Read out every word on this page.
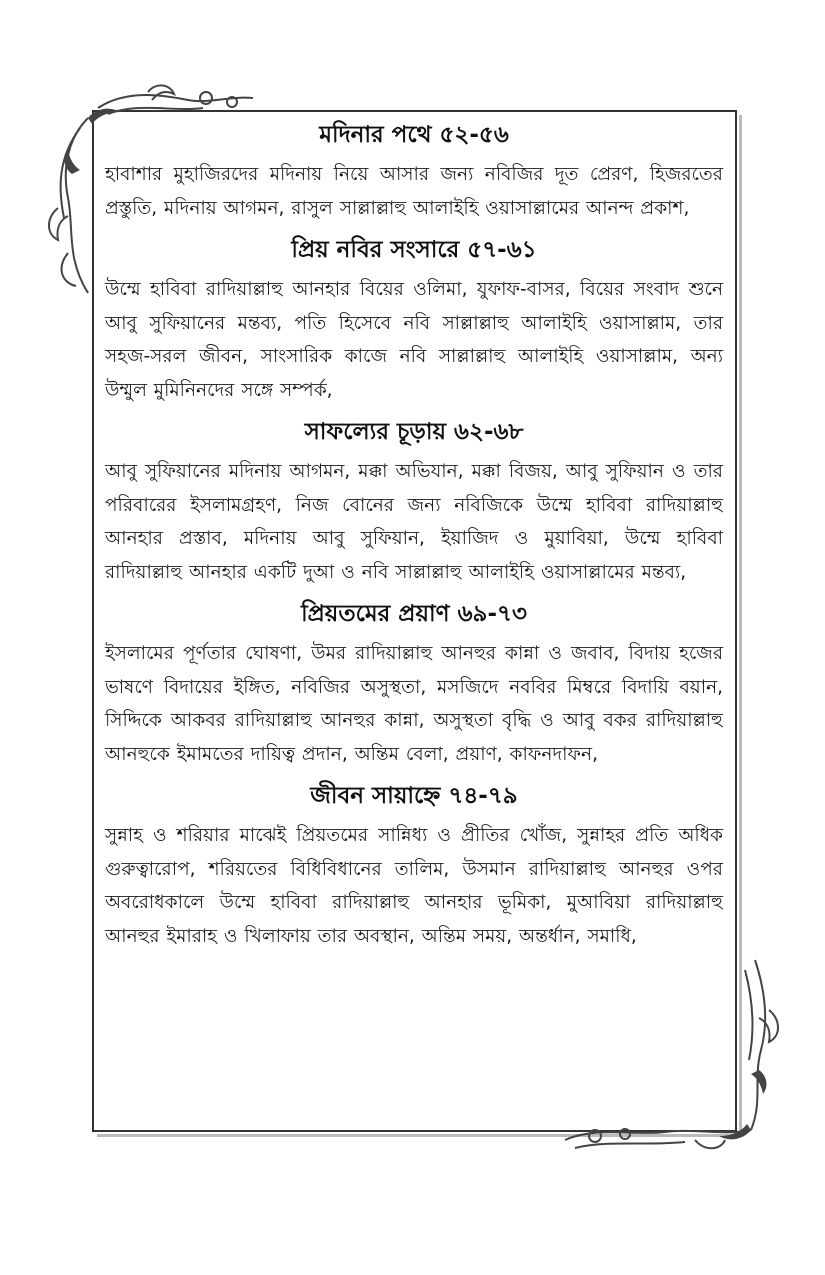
মদিনার পথে ৫২-৫৬

হাবাশার মুহাজিরদের মদিনায় নিয়ে আসার জন্য নবিজির দূত প্রেরণ, হিজরতের প্রস্তুতি, মদিনায় আগমন, রাসুল সাল্লাল্লাহু আলাইহি ওয়াসাল্লামের আনন্দ প্রকাশ,

প্রিয় নবির সংসারে ৫৭-৬১

উম্মে হাবিবা রাদিয়াল্লাহু আনহার বিয়ের ওলিমা, যুফাফ-বাসর, বিয়ের সংবাদ শুনে আবু সুফিয়ানের মন্তব্য, পতি হিসেবে নবি সাল্লাল্লাহু আলাইহি ওয়াসাল্লাম, তার সহজ-সরল জীবন, সাংসারিক কাজে নবি সাল্লাল্লাহু আলাইহি ওয়াসাল্লাম, অন্য উম্মুল মুমিনিনদের সঙ্গে সম্পর্ক,

সাফল্যের চূড়ায় ৬২-৬৮

আবু সুফিয়ানের মদিনায় আগমন, মক্কা অভিযান, মক্কা বিজয়, আবু সুফিয়ান ও তার পরিবারের ইসলামগ্রহণ, নিজ বোনের জন্য নবিজিকে উম্মে হাবিবা রাদিয়াল্লাহু আনহার প্রস্তাব, মদিনায় আবু সুফিয়ান, ইয়াজিদ ও মুয়াবিয়া, উম্মে হাবিবা রাদিয়াল্লাহু আনহার একটি দুআ ও নবি সাল্লাল্লাহু আলাইহি ওয়াসাল্লামের মন্তব্য,

প্রিয়তমের প্রয়াণ ৬৯-৭৩

ইসলামের পূর্ণতার ঘোষণা, উমর রাদিয়াল্লাহু আনহুর কান্না ও জবাব, বিদায় হজের ভাষণে বিদায়ের ইঙ্গিত, নবিজির অসুস্থতা, মসজিদে নববির মিম্বরে বিদায়ি বয়ান, সিদ্দিকে আকবর রাদিয়াল্লাহু আনহুর কান্না, অসুস্থতা বৃদ্ধি ও আবু বকর রাদিয়াল্লাহু আনহুকে ইমামতের দায়িত্ব প্রদান, অন্তিম বেলা, প্রয়াণ, কাফনদাফন,

জীবন সায়াহ্নে ৭৪-৭৯

সুন্নাহ ও শরিয়ার মাঝেই প্রিয়তমের সান্নিধ্য ও প্রীতির খোঁজ, সুন্নাহর প্রতি অধিক গুরুত্বারোপ, শরিয়তের বিধিবিধানের তালিম, উসমান রাদিয়াল্লাহু আনহুর ওপর অবরোধকালে উম্মে হাবিবা রাদিয়াল্লাহু আনহার ভূমিকা, মুআবিয়া রাদিয়াল্লাহু আনহুর ইমারাহ ও খিলাফায় তার অবস্থান, অন্তিম সময়, অন্তর্ধান, সমাধি,
